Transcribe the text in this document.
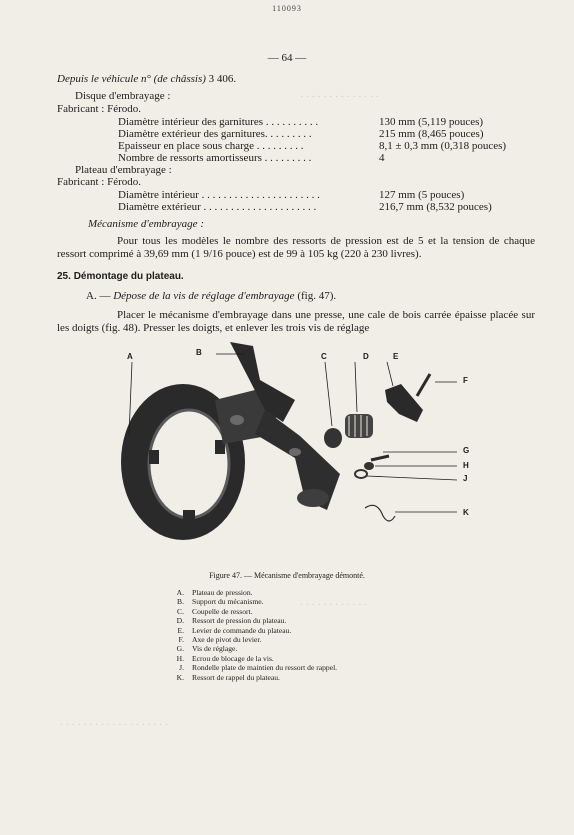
· · · · · · · · · · · · · ·
· · · · · · · · · · · ·
· · · · · · · · · · · · · · · · · · ·
110093
— 64 —
Depuis le véhicule n° (de châssis) 3 406.
Disque d'embrayage :
Fabricant : Férodo.
Diamètre intérieur des garnitures . . . . . . . . . .	130 mm (5,119 pouces)
Diamètre extérieur des garnitures. . . . . . . . .	215 mm (8,465 pouces)
Epaisseur en place sous charge . . . . . . . . .	8,1 ± 0,3 mm (0,318 pouces)
Nombre de ressorts amortisseurs . . . . . . . . .	4
Plateau d'embrayage :
Fabricant : Férodo.
Diamètre intérieur . . . . . . . . . . . . . . . . . . . . . .	127 mm (5 pouces)
Diamètre extérieur . . . . . . . . . . . . . . . . . . . . .	216,7 mm (8,532 pouces)
Mécanisme d'embrayage :
Pour tous les modèles le nombre des ressorts de pression est de 5 et la tension de chaque ressort comprimé à 39,69 mm (1 9/16 pouce) est de 99 à 105 kg (220 à 230 livres).
25. Démontage du plateau.
A. — Dépose de la vis de réglage d'embrayage (fig. 47).
Placer le mécanisme d'embrayage dans une presse, une cale de bois carrée épaisse placée sur les doigts (fig. 48). Presser les doigts, et enlever les trois vis de réglage
A	B	C	D	E
F
G
H
J
K
Figure 47. — Mécanisme d'embrayage démonté.
A. Plateau de pression.
B. Support du mécanisme.
C. Coupelle de ressort.
D. Ressort de pression du plateau.
E. Levier de commande du plateau.
F. Axe de pivot du levier.
G. Vis de réglage.
H. Ecrou de blocage de la vis.
J. Rondelle plate de maintien du ressort de rappel.
K. Ressort de rappel du plateau.
